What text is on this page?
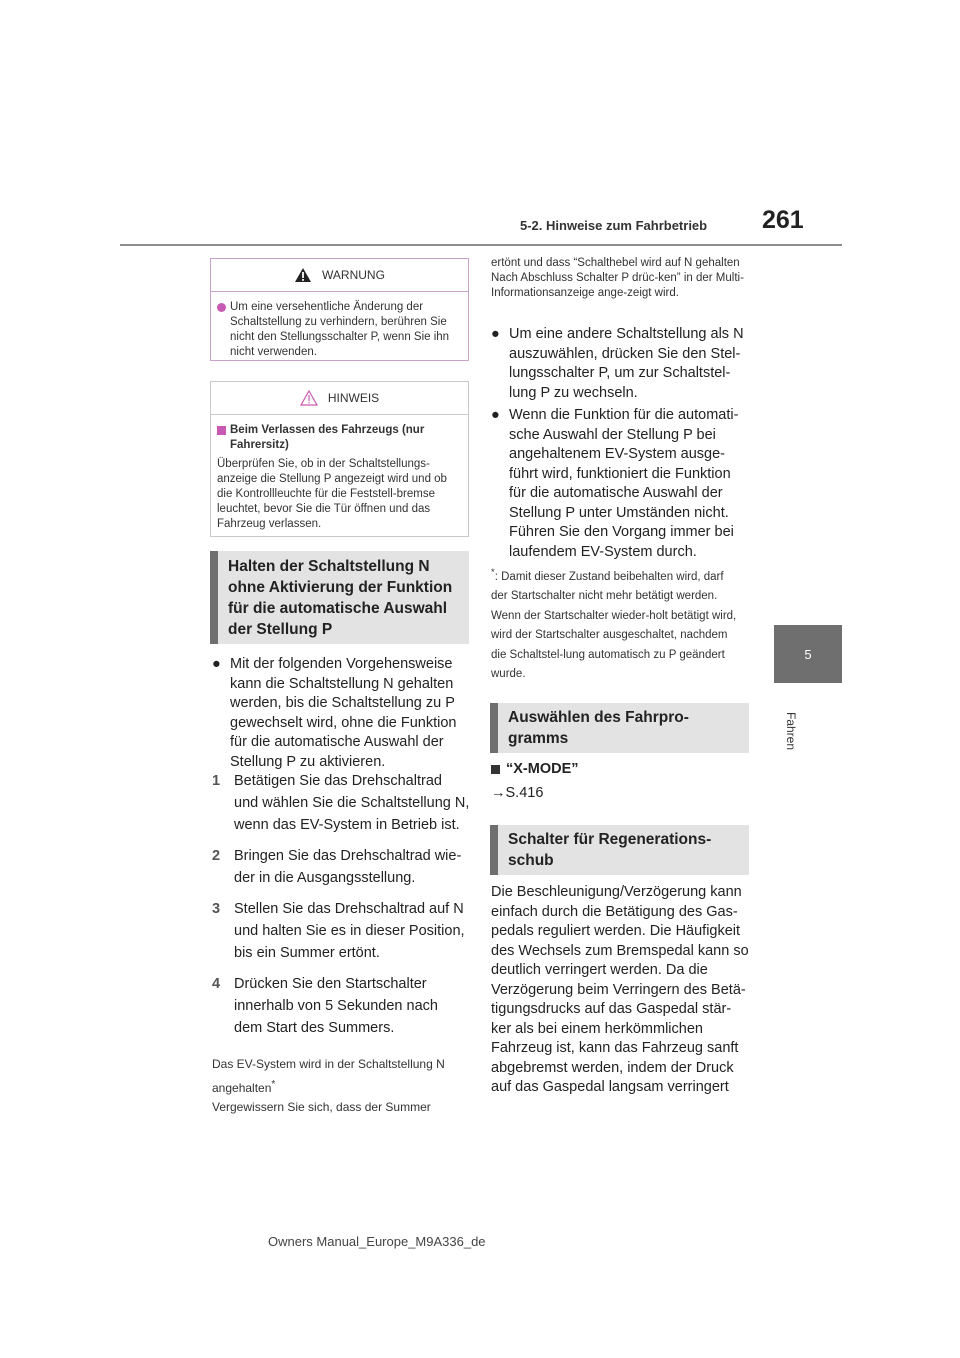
5-2. Hinweise zum Fahrbetrieb 261
5
Fahren
WARNUNG
Um eine versehentliche Änderung der Schaltstellung zu verhindern, berühren Sie nicht den Stellungsschalter P, wenn Sie ihn nicht verwenden.
HINWEIS
Beim Verlassen des Fahrzeugs (nur Fahrersitz)
Überprüfen Sie, ob in der Schaltstellungs-anzeige die Stellung P angezeigt wird und ob die Kontrollleuchte für die Feststell-bremse leuchtet, bevor Sie die Tür öffnen und das Fahrzeug verlassen.
Halten der Schaltstellung N ohne Aktivierung der Funktion für die automatische Auswahl der Stellung P
● Mit der folgenden Vorgehensweise kann die Schaltstellung N gehalten werden, bis die Schaltstellung zu P gewechselt wird, ohne die Funktion für die automatische Auswahl der Stellung P zu aktivieren.
1 Betätigen Sie das Drehschaltrad und wählen Sie die Schaltstellung N, wenn das EV-System in Betrieb ist.
2 Bringen Sie das Drehschaltrad wie-der in die Ausgangsstellung.
3 Stellen Sie das Drehschaltrad auf N und halten Sie es in dieser Position, bis ein Summer ertönt.
4 Drücken Sie den Startschalter innerhalb von 5 Sekunden nach dem Start des Summers.
Das EV-System wird in der Schaltstellung N angehalten*
Vergewissern Sie sich, dass der Summer
ertönt und dass “Schalthebel wird auf N gehalten Nach Abschluss Schalter P drüc-ken” in der Multi-Informationsanzeige ange-zeigt wird.
● Um eine andere Schaltstellung als N auszuwählen, drücken Sie den Stel-lungsschalter P, um zur Schaltstel-lung P zu wechseln.
● Wenn die Funktion für die automati-sche Auswahl der Stellung P bei angehaltenem EV-System ausge-führt wird, funktioniert die Funktion für die automatische Auswahl der Stellung P unter Umständen nicht. Führen Sie den Vorgang immer bei laufendem EV-System durch.
*: Damit dieser Zustand beibehalten wird, darf der Startschalter nicht mehr betätigt werden. Wenn der Startschalter wieder-holt betätigt wird, wird der Startschalter ausgeschaltet, nachdem die Schaltstel-lung automatisch zu P geändert wurde.
Auswählen des Fahrpro-gramms
“X-MODE”
→S.416
Schalter für Regenerations-schub
Die Beschleunigung/Verzögerung kann einfach durch die Betätigung des Gas-pedals reguliert werden. Die Häufigkeit des Wechsels zum Bremspedal kann so deutlich verringert werden. Da die Verzögerung beim Verringern des Betä-tigungsdrucks auf das Gaspedal stär-ker als bei einem herkömmlichen Fahrzeug ist, kann das Fahrzeug sanft abgebremst werden, indem der Druck auf das Gaspedal langsam verringert
Owners Manual_Europe_M9A336_de
